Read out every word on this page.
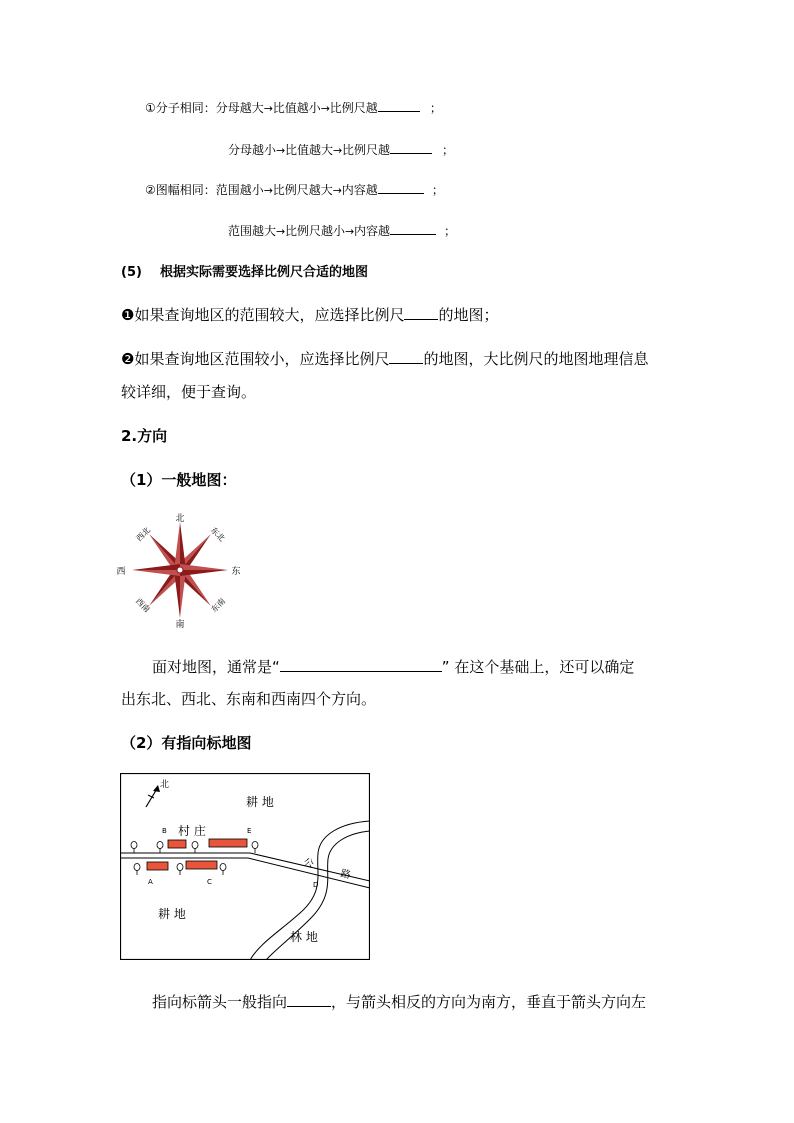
①分子相同：分母越大→比值越小→比例尺越	；
分母越小→比值越大→比例尺越	；
②图幅相同：范围越小→比例尺越大→内容越	；
范围越大→比例尺越小→内容越	；
(5) 根据实际需要选择比例尺合适的地图
❶如果查询地区的范围较大，应选择比例尺 的地图；
❷如果查询地区范围较小，应选择比例尺 的地图，大比例尺的地图地理信息
较详细，便于查询。
2.方向
（1）一般地图：
北
南
西	东
东北
西北
东南
西南
面对地图，通常是“	” 在这个基础上，还可以确定
出东北、西北、东南和西南四个方向。
（2）有指向标地图
北
耕 地
村 庄
B	E
公
路
D
A	C
耕 地
林 地
指向标箭头一般指向	，与箭头相反的方向为南方，垂直于箭头方向左
